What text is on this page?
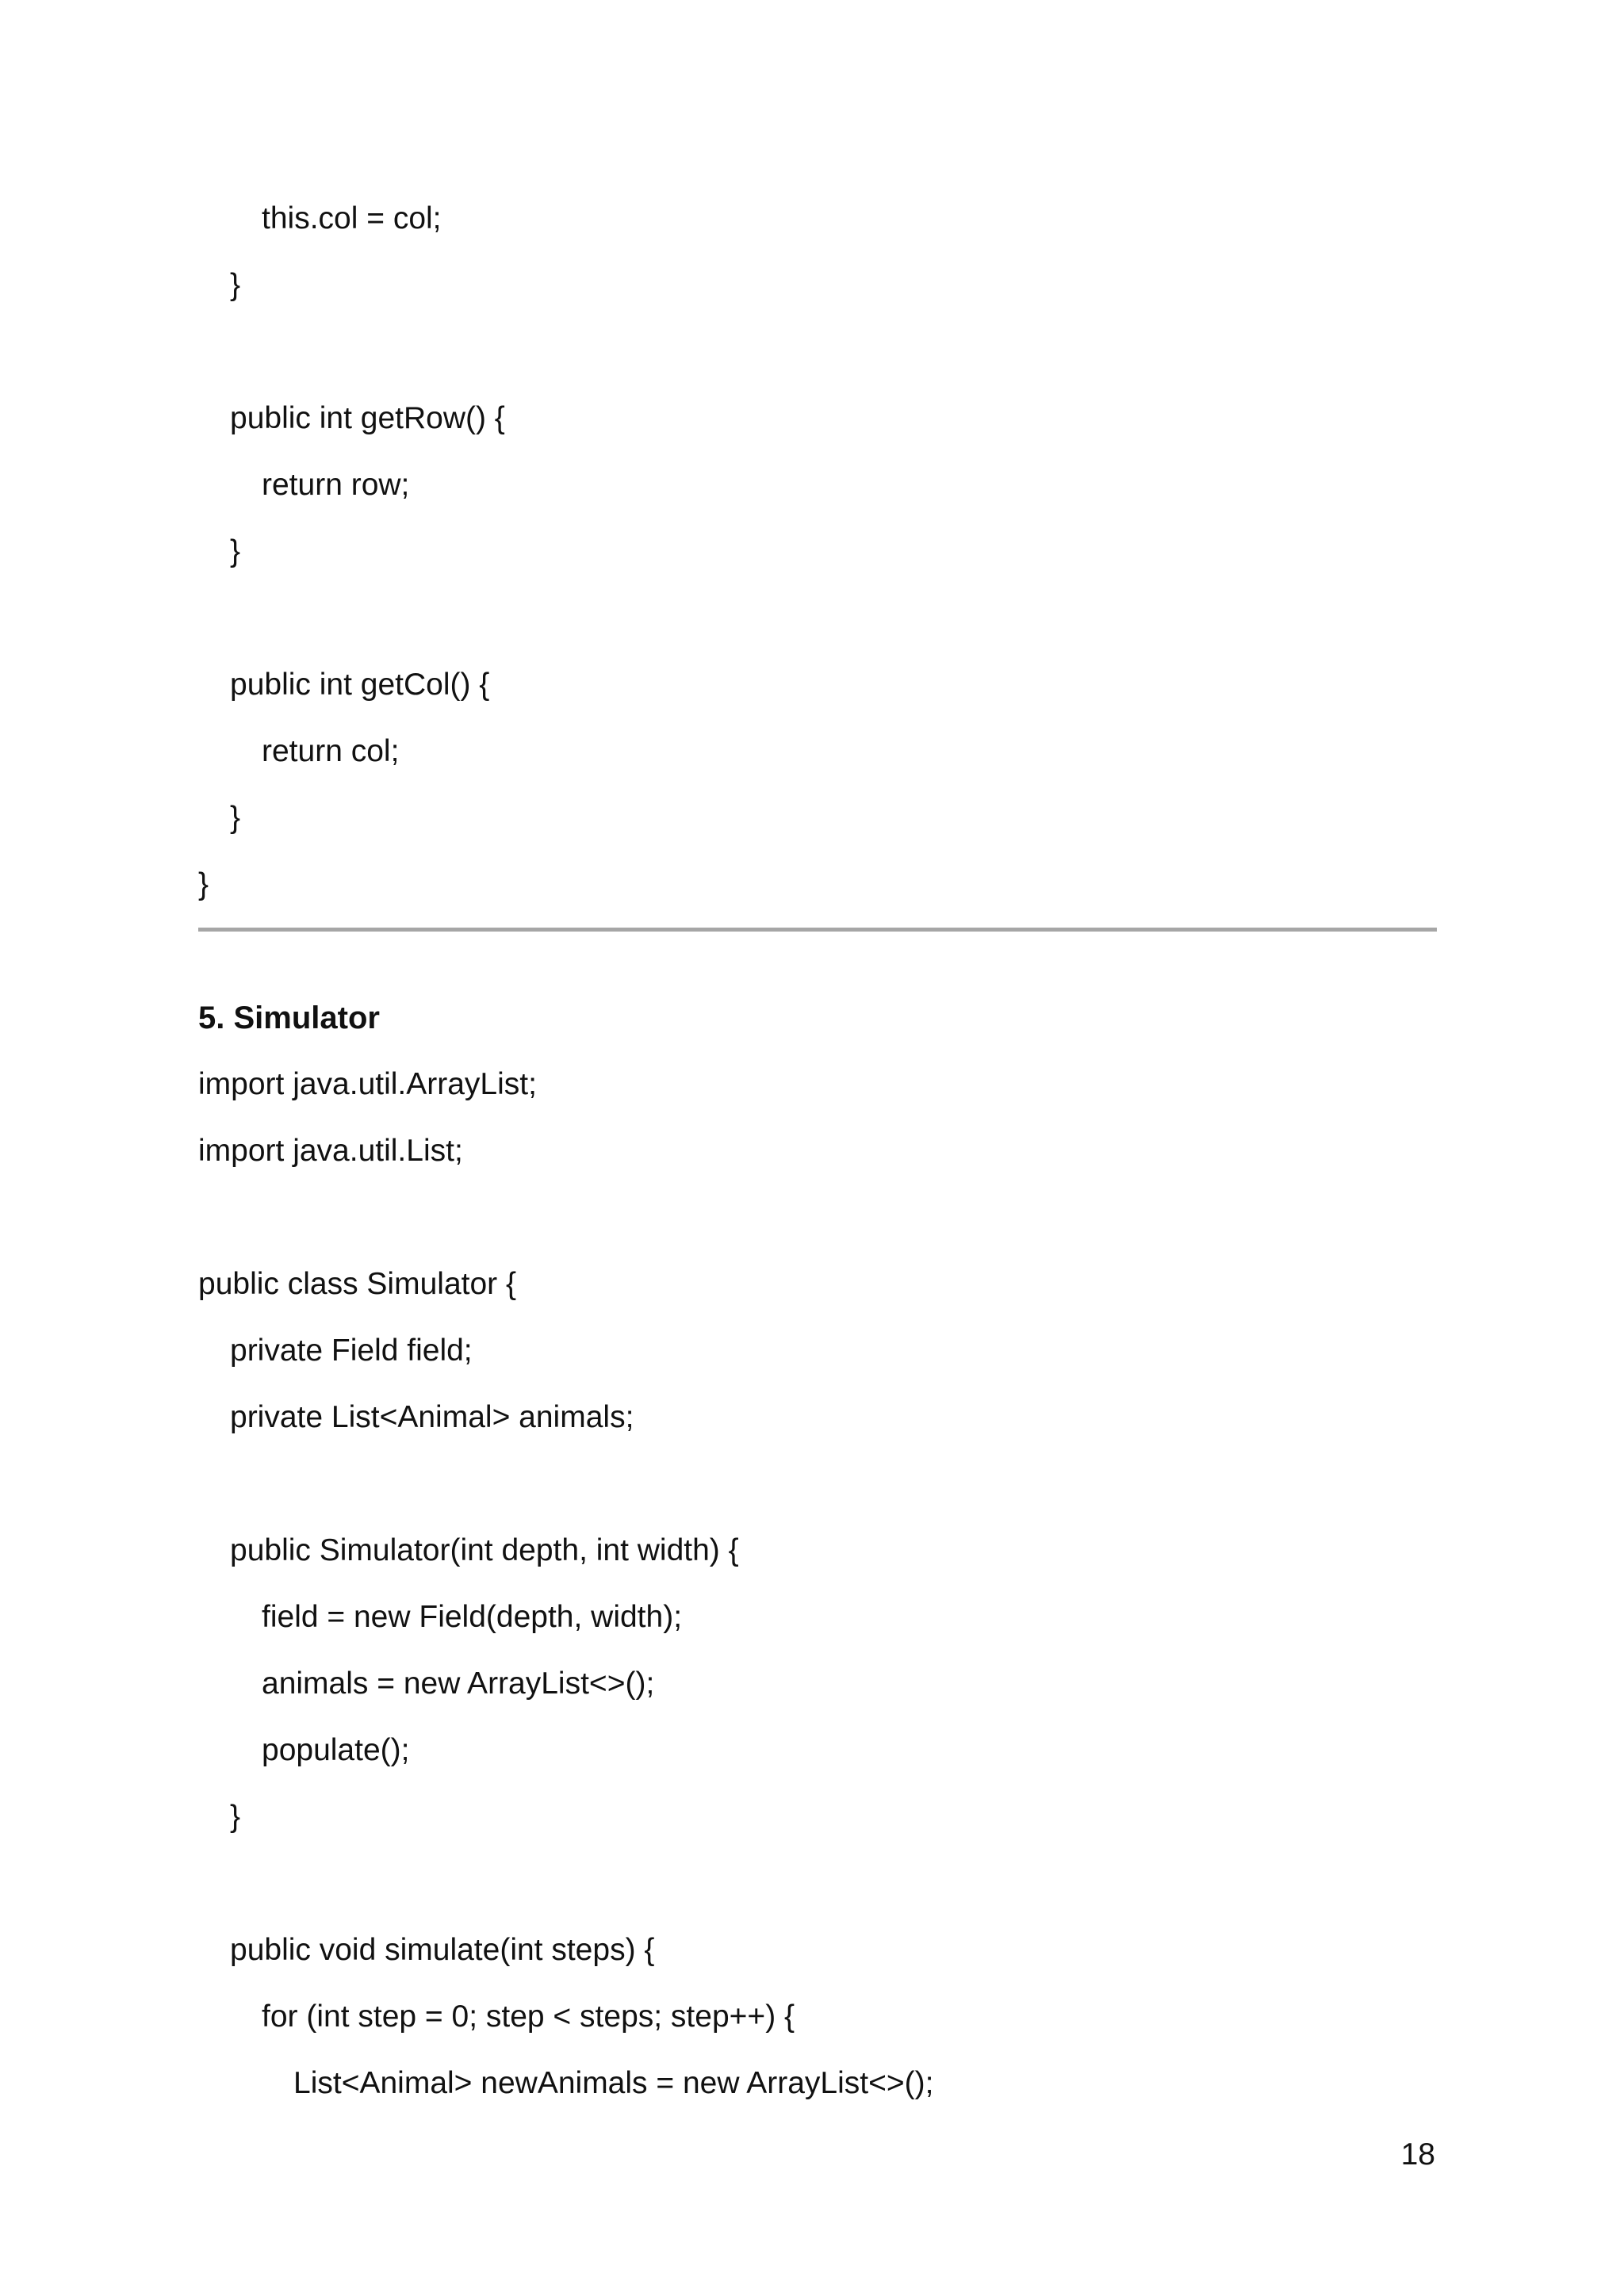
this.col = col;
}
public int getRow() {
return row;
}
public int getCol() {
return col;
}
}
5. Simulator
import java.util.ArrayList;
import java.util.List;
public class Simulator {
private Field field;
private List<Animal> animals;
public Simulator(int depth, int width) {
field = new Field(depth, width);
animals = new ArrayList<>();
populate();
}
public void simulate(int steps) {
for (int step = 0; step < steps; step++) {
List<Animal> newAnimals = new ArrayList<>();
18
